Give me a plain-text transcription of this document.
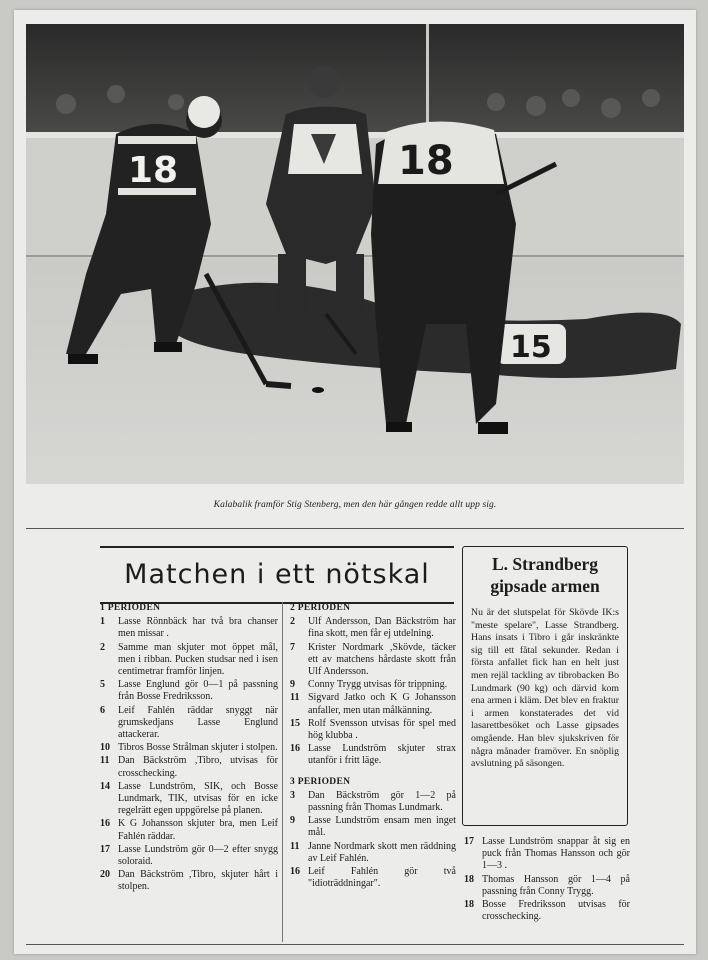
15
18	18
Kalabalik framför Stig Stenberg, men den här gången redde allt upp sig.
Matchen i ett nötskal
1 PERIODEN
1	Lasse Rönnbäck har två bra chanser men missar .
2	Samme man skjuter mot öppet mål, men i ribban. Pucken studsar ned i isen centimetrar framför linjen.
5	Lasse Englund gör 0—1 på passning från Bosse Fredriksson.
6	Leif Fahlén räddar snyggt när grumskedjans Lasse Englund attackerar.
10 Tibros Bosse Strålman skjuter i stolpen.
11 Dan Bäckström ,Tibro, utvisas för crosschecking.
14 Lasse Lundström, SIK, och Bosse Lundmark, TIK, utvisas för en icke regelrätt egen uppgörelse på planen.
16 K G Johansson skjuter bra, men Leif Fahlén räddar.
17 Lasse Lundström gör 0—2 efter snygg soloraid.
20 Dan Bäckström ,Tibro, skjuter hårt i stolpen.
2 PERIODEN
2	Ulf Andersson, Dan Bäckström har fina skott, men får ej utdelning.
7	Krister Nordmark ,Skövde, täcker ett av matchens hårdaste skott från Ulf Andersson.
9	Conny Trygg utvisas för trippning.
11 Sigvard Jatko och K G Johansson anfaller, men utan målkänning.
15 Rolf Svensson utvisas för spel med hög klubba .
16 Lasse Lundström skjuter strax utanför i fritt läge.
3 PERIODEN
3	Dan Bäckström gör 1—2 på passning från Thomas Lundmark.
9	Lasse Lundström ensam men inget mål.
11 Janne Nordmark skott men räddning av Leif Fahlén.
16 Leif Fahlén gör två "idioträddningar".
L. Strandberg
gipsade armen
Nu är det slutspelat för Skövde IK:s "meste spelare", Lasse Strandberg. Hans insats i Tibro i går inskränkte sig till ett fåtal sekunder. Redan i första anfallet fick han en helt just men rejäl tackling av tibrobacken Bo Lundmark (90 kg) och därvid kom ena armen i kläm. Det blev en fraktur i armen konstaterades det vid lasarettbesöket och Lasse gipsades omgående. Han blev sjukskriven för några månader framöver. En snöplig avslutning på säsongen.
17 Lasse Lundström snappar åt sig en puck från Thomas Hansson och gör 1—3 .
18 Thomas Hansson gör 1—4 på passning från Conny Trygg.
18 Bosse Fredriksson utvisas för crosschecking.
